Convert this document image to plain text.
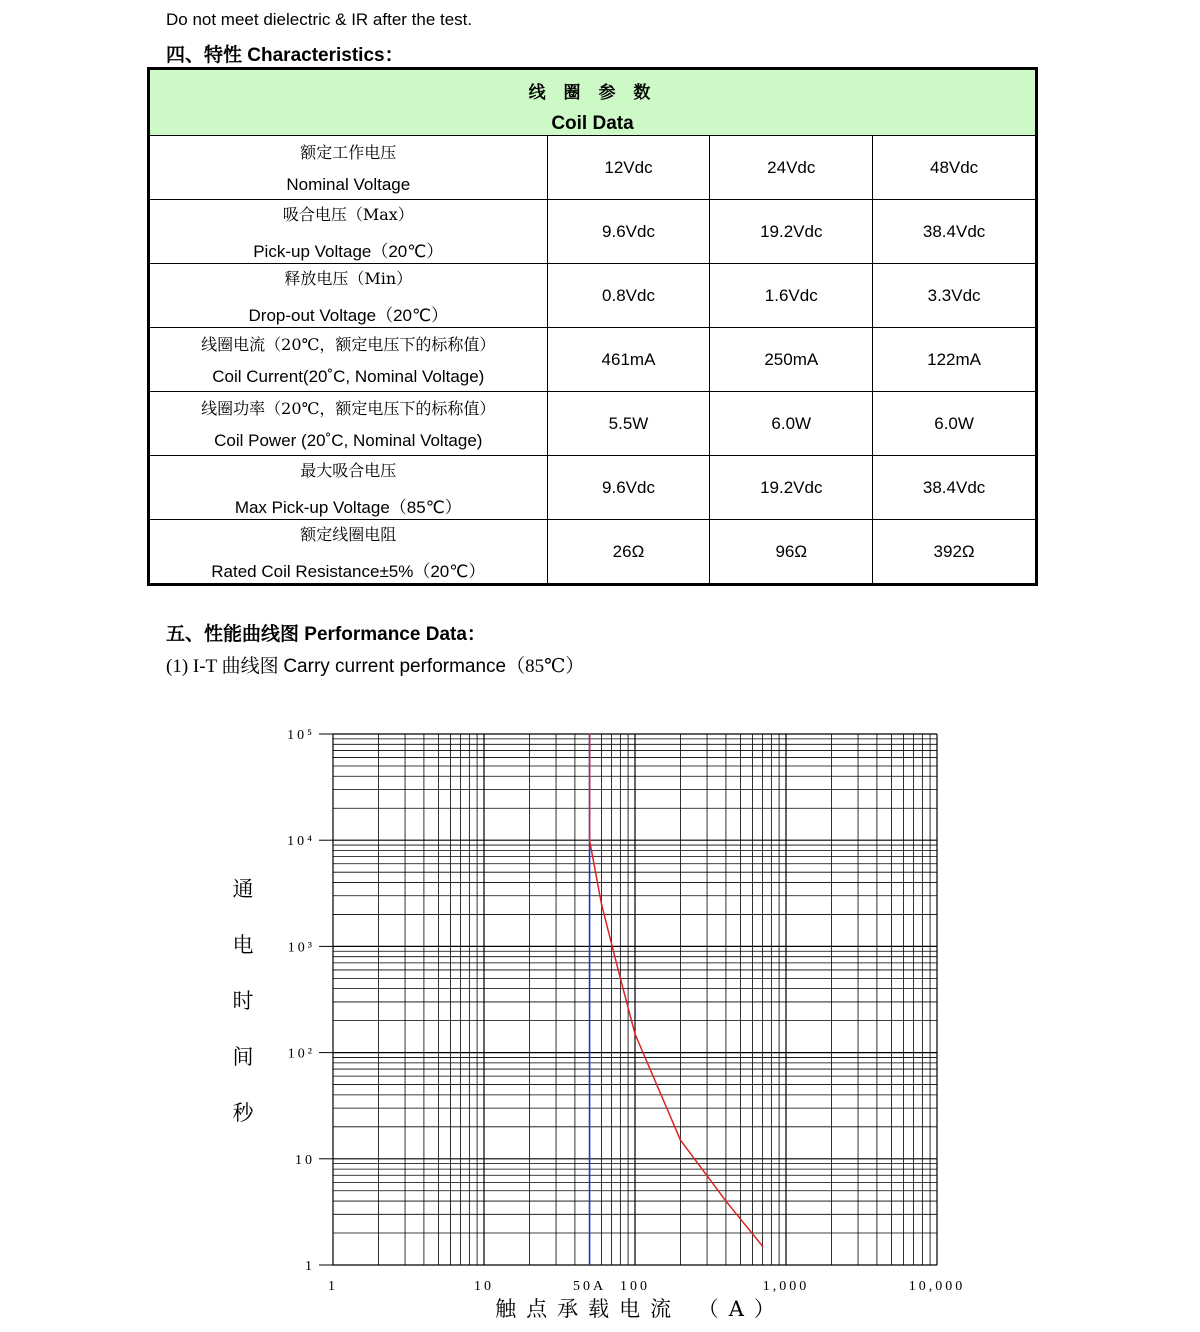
Do not meet dielectric & IR after the test.
四、特性 Characteristics：
线 圈 参 数
Coil Data			

额定工作电压
Nominal Voltage	12Vdc	24Vdc	48Vdc

吸合电压（Max）
Pick-up Voltage（20℃）	9.6Vdc	19.2Vdc	38.4Vdc

释放电压（Min）
Drop-out Voltage（20℃）	0.8Vdc	1.6Vdc	3.3Vdc

线圈电流（20℃，额定电压下的标称值）
Coil Current(20˚C, Nominal Voltage)	461mA	250mA	122mA

线圈功率（20℃，额定电压下的标称值）
Coil Power (20˚C, Nominal Voltage)	5.5W	6.0W	6.0W

最大吸合电压
Max Pick-up Voltage（85℃）	9.6Vdc	19.2Vdc	38.4Vdc

额定线圈电阻
Rated Coil Resistance±5%（20℃）	26Ω	96Ω	392Ω
五、性能曲线图 Performance Data：
(1) I-T 曲线图 Carry current performance（85℃）
10⁵
10⁴
10³
10²
10
1
1	10	50A 100	1,000	10,000
通
电
时
间
秒
触点承载电流 （A）
